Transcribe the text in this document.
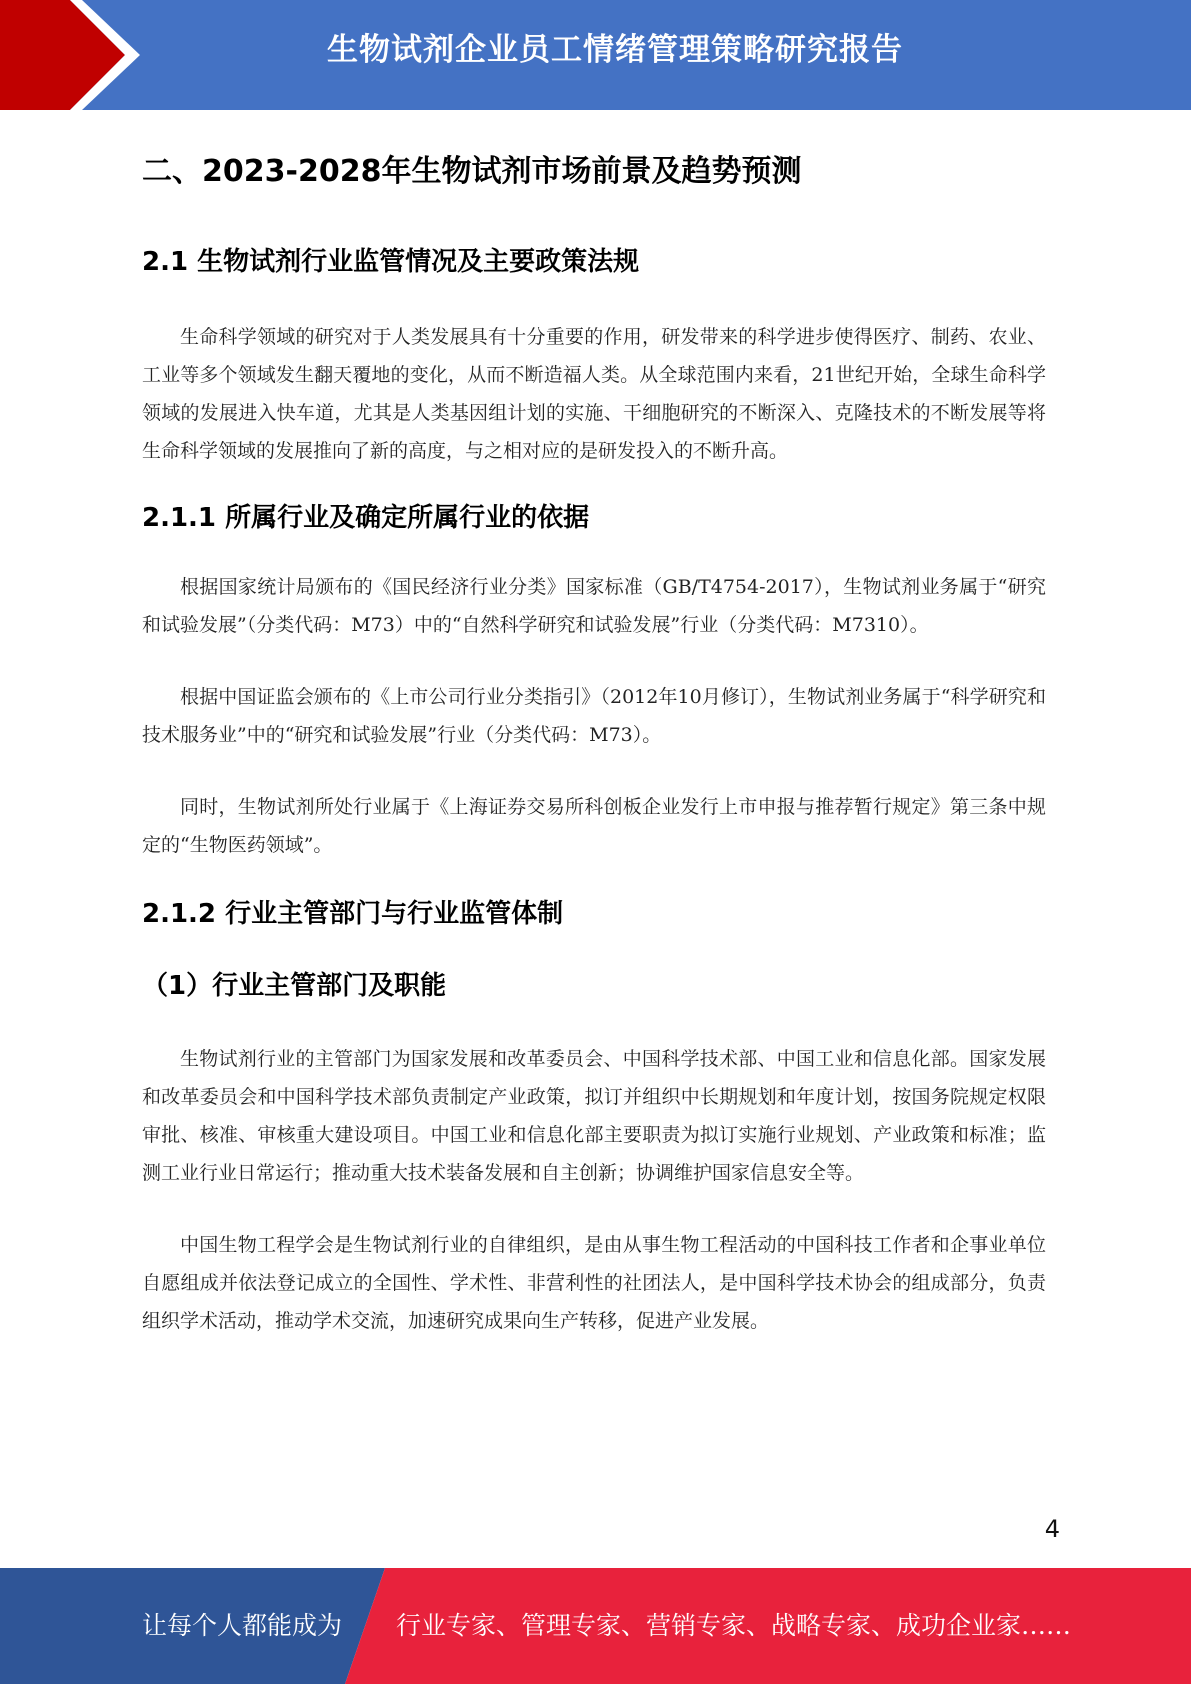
生物试剂企业员工情绪管理策略研究报告
二、2023-2028年生物试剂市场前景及趋势预测
2.1 生物试剂行业监管情况及主要政策法规

生命科学领域的研究对于人类发展具有十分重要的作用，研发带来的科学进步使得医疗、制药、农业、工业等多个领域发生翻天覆地的变化，从而不断造福人类。从全球范围内来看，21世纪开始，全球生命科学领域的发展进入快车道，尤其是人类基因组计划的实施、干细胞研究的不断深入、克隆技术的不断发展等将生命科学领域的发展推向了新的高度，与之相对应的是研发投入的不断升高。

2.1.1 所属行业及确定所属行业的依据

根据国家统计局颁布的《国民经济行业分类》国家标准（GB/T4754-2017），生物试剂业务属于“研究和试验发展”（分类代码：M73）中的“自然科学研究和试验发展”行业（分类代码：M7310）。

根据中国证监会颁布的《上市公司行业分类指引》（2012年10月修订），生物试剂业务属于“科学研究和技术服务业”中的“研究和试验发展”行业（分类代码：M73）。

同时，生物试剂所处行业属于《上海证券交易所科创板企业发行上市申报与推荐暂行规定》第三条中规定的“生物医药领域”。

2.1.2 行业主管部门与行业监管体制
（1）行业主管部门及职能

生物试剂行业的主管部门为国家发展和改革委员会、中国科学技术部、中国工业和信息化部。国家发展和改革委员会和中国科学技术部负责制定产业政策，拟订并组织中长期规划和年度计划，按国务院规定权限审批、核准、审核重大建设项目。中国工业和信息化部主要职责为拟订实施行业规划、产业政策和标准；监测工业行业日常运行；推动重大技术装备发展和自主创新；协调维护国家信息安全等。

中国生物工程学会是生物试剂行业的自律组织，是由从事生物工程活动的中国科技工作者和企事业单位自愿组成并依法登记成立的全国性、学术性、非营利性的社团法人，是中国科学技术协会的组成部分，负责组织学术活动，推动学术交流，加速研究成果向生产转移，促进产业发展。

4
让每个人都能成为 行业专家、管理专家、营销专家、战略专家、成功企业家……
